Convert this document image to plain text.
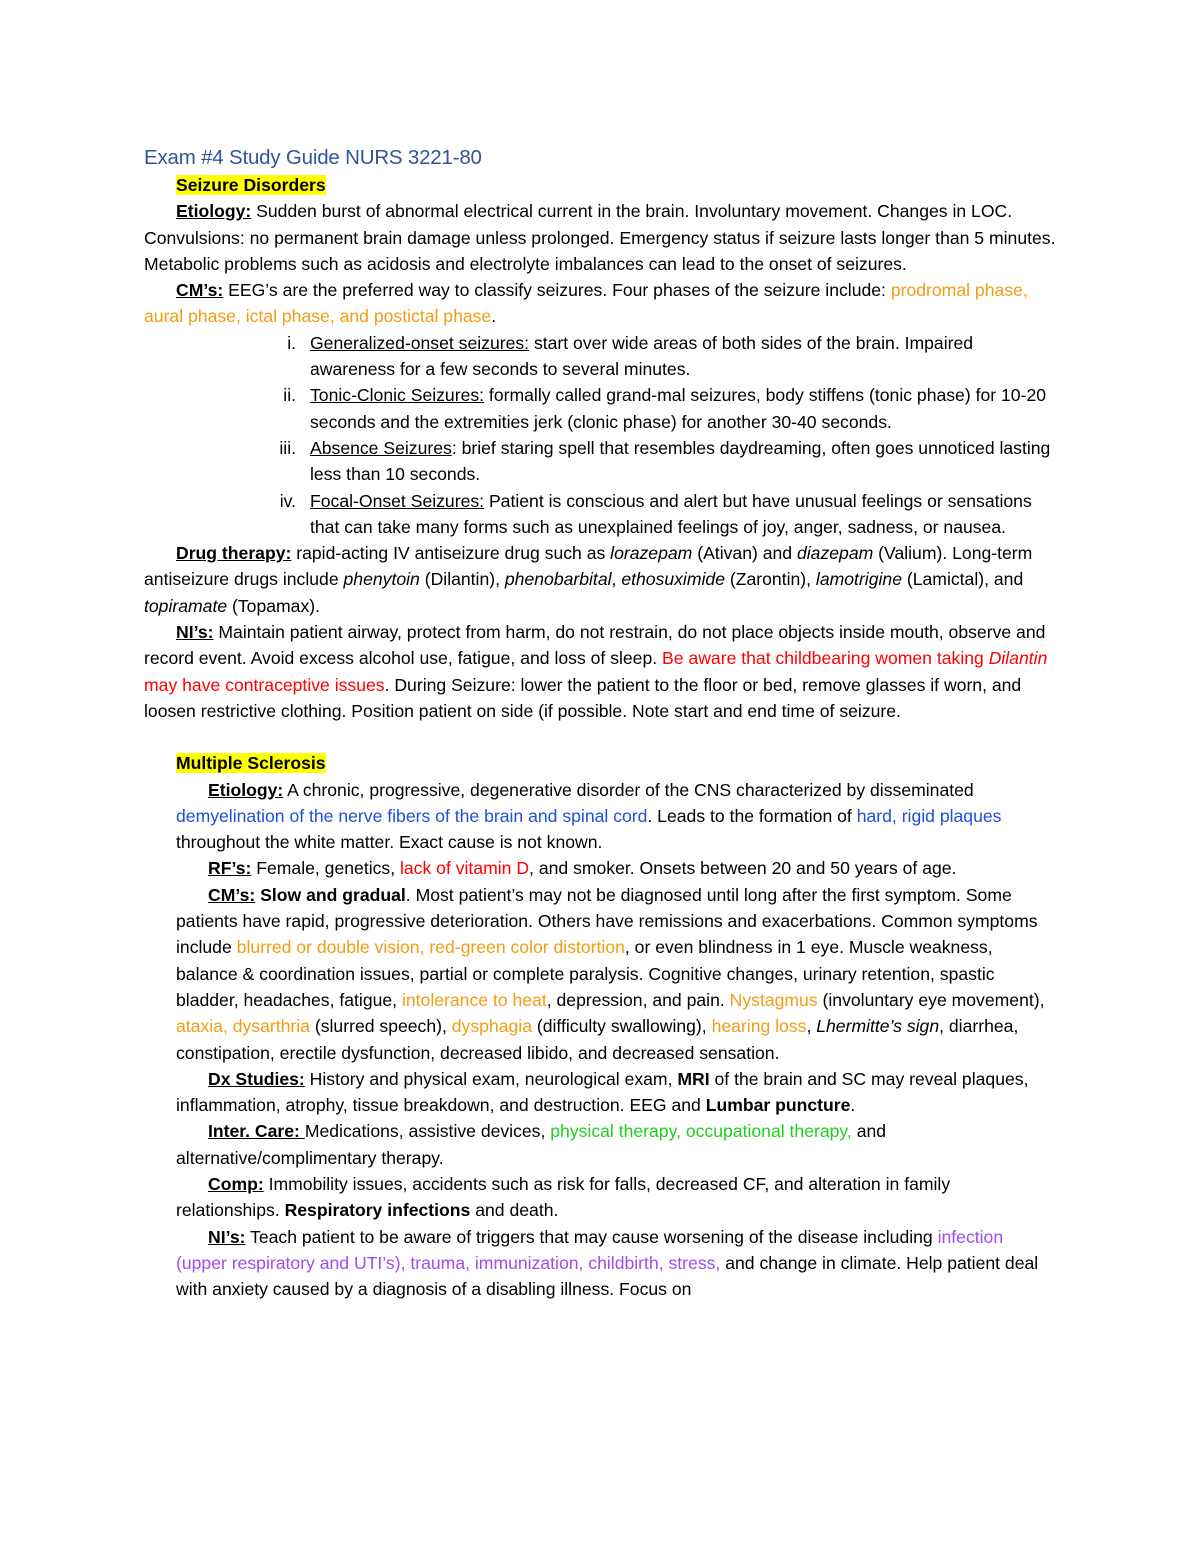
Exam #4 Study Guide NURS 3221-80

Seizure Disorders

Etiology: Sudden burst of abnormal electrical current in the brain. Involuntary movement. Changes in LOC. Convulsions: no permanent brain damage unless prolonged. Emergency status if seizure lasts longer than 5 minutes. Metabolic problems such as acidosis and electrolyte imbalances can lead to the onset of seizures.

CM’s: EEG’s are the preferred way to classify seizures. Four phases of the seizure include: prodromal phase, aural phase, ictal phase, and postictal phase.

i. Generalized-onset seizures: start over wide areas of both sides of the brain. Impaired awareness for a few seconds to several minutes.
ii. Tonic-Clonic Seizures: formally called grand-mal seizures, body stiffens (tonic phase) for 10-20 seconds and the extremities jerk (clonic phase) for another 30-40 seconds.
iii. Absence Seizures: brief staring spell that resembles daydreaming, often goes unnoticed lasting less than 10 seconds.
iv. Focal-Onset Seizures: Patient is conscious and alert but have unusual feelings or sensations that can take many forms such as unexplained feelings of joy, anger, sadness, or nausea.

Drug therapy: rapid-acting IV antiseizure drug such as lorazepam (Ativan) and diazepam (Valium). Long-term antiseizure drugs include phenytoin (Dilantin), phenobarbital, ethosuximide (Zarontin), lamotrigine (Lamictal), and topiramate (Topamax).

NI’s: Maintain patient airway, protect from harm, do not restrain, do not place objects inside mouth, observe and record event. Avoid excess alcohol use, fatigue, and loss of sleep. Be aware that childbearing women taking Dilantin may have contraceptive issues. During Seizure: lower the patient to the floor or bed, remove glasses if worn, and loosen restrictive clothing. Position patient on side (if possible. Note start and end time of seizure.

Multiple Sclerosis

Etiology: A chronic, progressive, degenerative disorder of the CNS characterized by disseminated demyelination of the nerve fibers of the brain and spinal cord. Leads to the formation of hard, rigid plaques throughout the white matter. Exact cause is not known.

RF’s: Female, genetics, lack of vitamin D, and smoker. Onsets between 20 and 50 years of age.

CM’s: Slow and gradual. Most patient’s may not be diagnosed until long after the first symptom. Some patients have rapid, progressive deterioration. Others have remissions and exacerbations. Common symptoms include blurred or double vision, red-green color distortion, or even blindness in 1 eye. Muscle weakness, balance & coordination issues, partial or complete paralysis. Cognitive changes, urinary retention, spastic bladder, headaches, fatigue, intolerance to heat, depression, and pain. Nystagmus (involuntary eye movement), ataxia, dysarthria (slurred speech), dysphagia (difficulty swallowing), hearing loss, Lhermitte’s sign, diarrhea, constipation, erectile dysfunction, decreased libido, and decreased sensation.

Dx Studies: History and physical exam, neurological exam, MRI of the brain and SC may reveal plaques, inflammation, atrophy, tissue breakdown, and destruction. EEG and Lumbar puncture.

Inter. Care: Medications, assistive devices, physical therapy, occupational therapy, and alternative/complimentary therapy.

Comp: Immobility issues, accidents such as risk for falls, decreased CF, and alteration in family relationships. Respiratory infections and death.

NI’s: Teach patient to be aware of triggers that may cause worsening of the disease including infection (upper respiratory and UTI’s), trauma, immunization, childbirth, stress, and change in climate. Help patient deal with anxiety caused by a diagnosis of a disabling illness. Focus on
